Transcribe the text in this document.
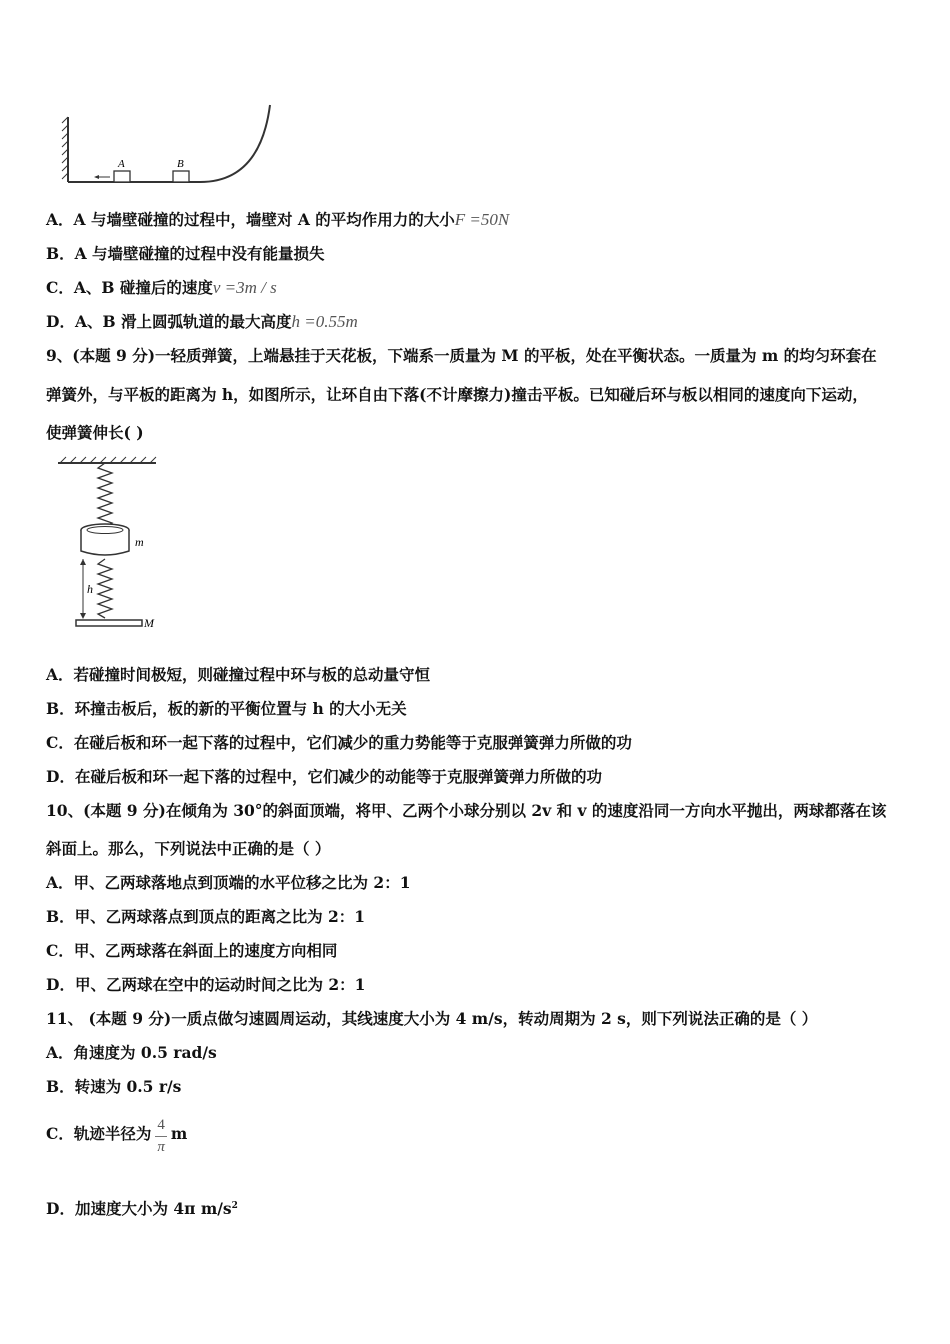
A	B
A．A 与墙壁碰撞的过程中，墙壁对 A 的平均作用力的大小F =50N
B．A 与墙壁碰撞的过程中没有能量损失
C．A、B 碰撞后的速度v =3m / s
D．A、B 滑上圆弧轨道的最大高度h =0.55m
9、(本题 9 分)一轻质弹簧，上端悬挂于天花板，下端系一质量为 M 的平板，处在平衡状态。一质量为 m 的均匀环套在
弹簧外，与平板的距离为 h，如图所示，让环自由下落(不计摩擦力)撞击平板。已知碰后环与板以相同的速度向下运动，
使弹簧伸长( )
m
h
M
A．若碰撞时间极短，则碰撞过程中环与板的总动量守恒
B．环撞击板后，板的新的平衡位置与 h 的大小无关
C．在碰后板和环一起下落的过程中，它们减少的重力势能等于克服弹簧弹力所做的功
D．在碰后板和环一起下落的过程中，它们减少的动能等于克服弹簧弹力所做的功
10、(本题 9 分)在倾角为 30°的斜面顶端，将甲、乙两个小球分别以 2v 和 v 的速度沿同一方向水平抛出，两球都落在该
斜面上。那么，下列说法中正确的是（ ）
A．甲、乙两球落地点到顶端的水平位移之比为 2：1
B．甲、乙两球落点到顶点的距离之比为 2：1
C．甲、乙两球落在斜面上的速度方向相同
D．甲、乙两球在空中的运动时间之比为 2：1
11、 (本题 9 分)一质点做匀速圆周运动，其线速度大小为 4 m/s，转动周期为 2 s，则下列说法正确的是（ ）
A．角速度为 0.5 rad/s
B．转速为 0.5 r/s
C．轨迹半径为 $\frac{4}{\pi}$ m
D．加速度大小为 4π $m/s^2$
